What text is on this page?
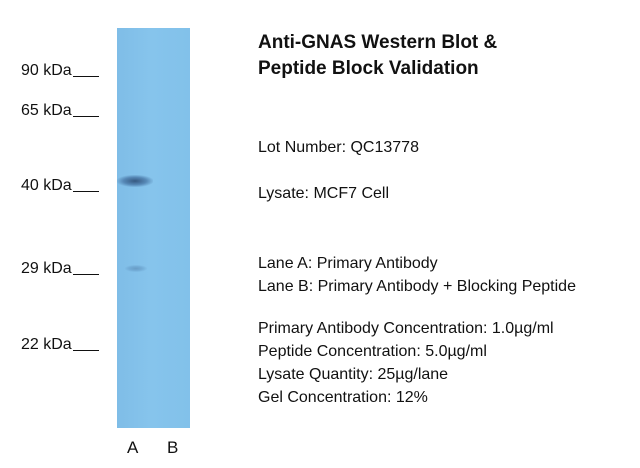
90 kDa
65 kDa
40 kDa
29 kDa
22 kDa
A B
Anti-GNAS Western Blot &
Peptide Block Validation
Lot Number: QC13778
Lysate: MCF7 Cell
Lane A: Primary Antibody
Lane B: Primary Antibody + Blocking Peptide
Primary Antibody Concentration: 1.0µg/ml
Peptide Concentration: 5.0µg/ml
Lysate Quantity: 25µg/lane
Gel Concentration: 12%
